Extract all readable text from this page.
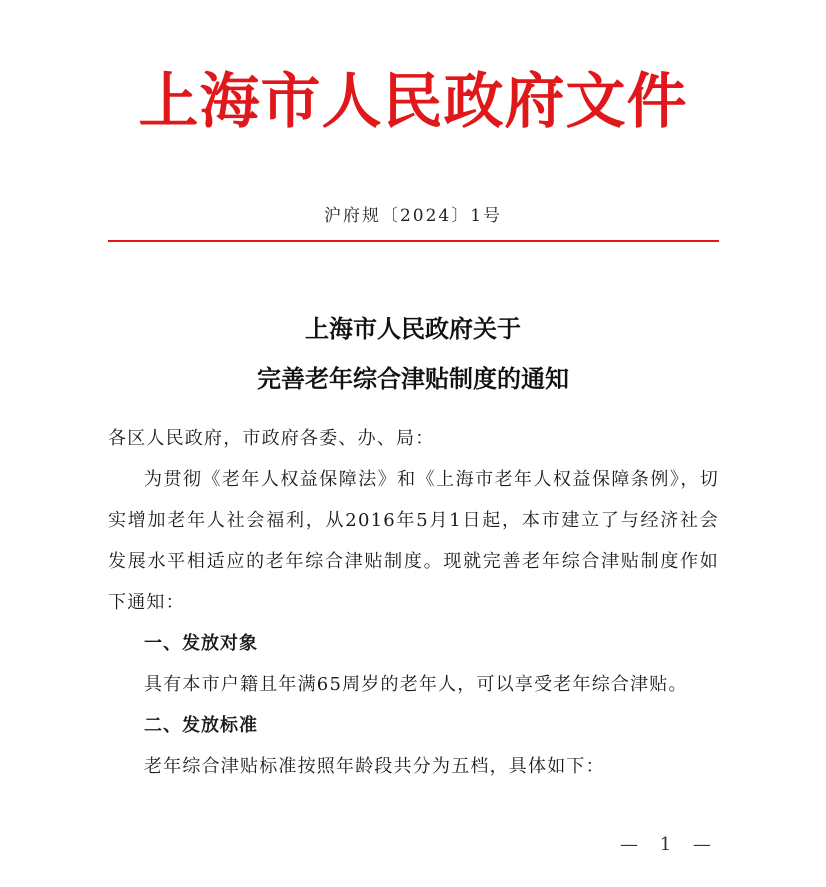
上海市人民政府文件
沪府规〔2024〕1号
上海市人民政府关于
完善老年综合津贴制度的通知

各区人民政府，市政府各委、办、局：

为贯彻《老年人权益保障法》和《上海市老年人权益保障条例》，切实增加老年人社会福利，从2016年5月1日起，本市建立了与经济社会发展水平相适应的老年综合津贴制度。现就完善老年综合津贴制度作如下通知：

一、发放对象

具有本市户籍且年满65周岁的老年人，可以享受老年综合津贴。

二、发放标准

老年综合津贴标准按照年龄段共分为五档，具体如下：

— 1 —
